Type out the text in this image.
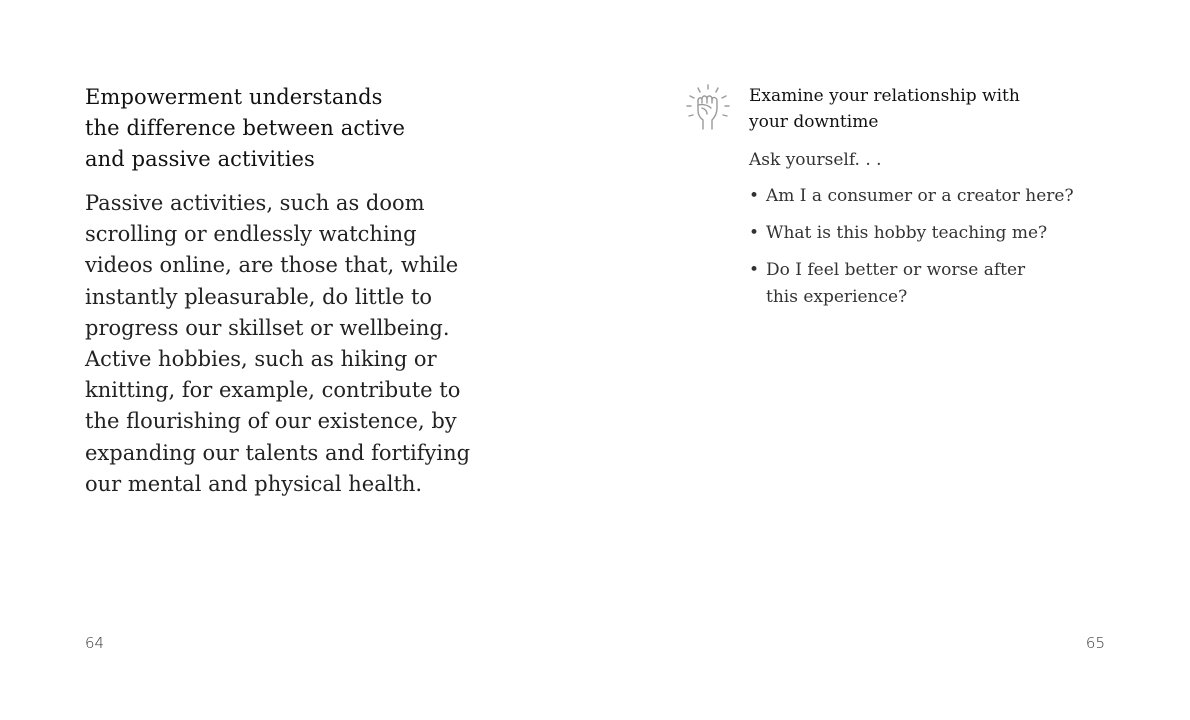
Empowerment understands
the difference between active
and passive activities

Passive activities, such as doom
scrolling or endlessly watching
videos online, are those that, while
instantly pleasurable, do little to
progress our skillset or wellbeing.
Active hobbies, such as hiking or
knitting, for example, contribute to
the flourishing of our existence, by
expanding our talents and fortifying
our mental and physical health.

64
Examine your relationship with
your downtime

Ask yourself. . .

• Am I a consumer or a creator here?
• What is this hobby teaching me?
• Do I feel better or worse after
this experience?
65
